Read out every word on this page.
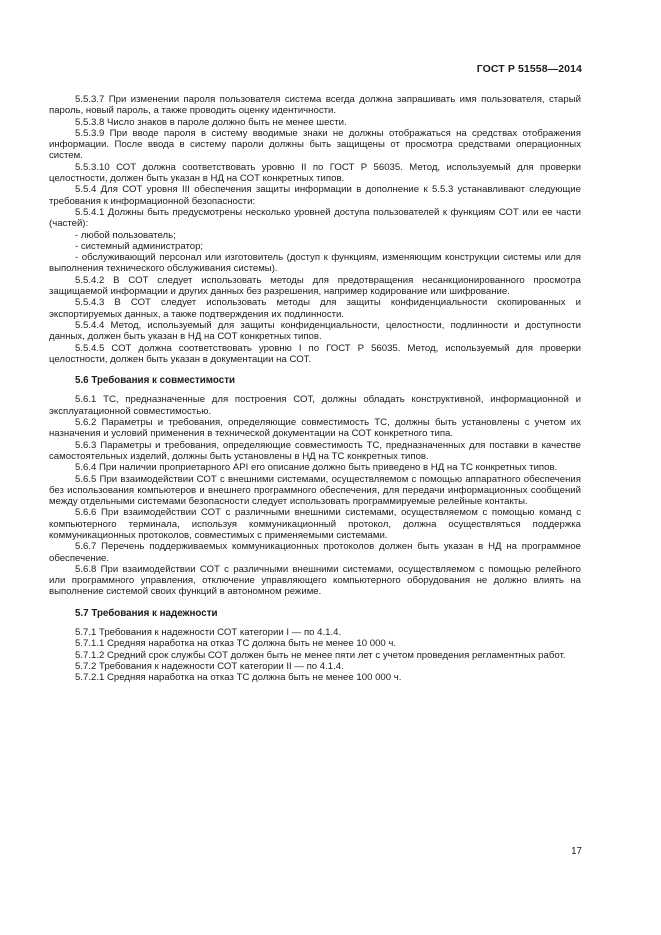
ГОСТ Р 51558—2014

5.5.3.7 При изменении пароля пользователя система всегда должна запрашивать имя пользователя, старый пароль, новый пароль, а также проводить оценку идентичности.

5.5.3.8 Число знаков в пароле должно быть не менее шести.

5.5.3.9 При вводе пароля в систему вводимые знаки не должны отображаться на средствах отображения информации. После ввода в систему пароли должны быть защищены от просмотра средствами операционных систем.

5.5.3.10 СОТ должна соответствовать уровню II по ГОСТ Р 56035. Метод, используемый для проверки целостности, должен быть указан в НД на СОТ конкретных типов.

5.5.4 Для СОТ уровня III обеспечения защиты информации в дополнение к 5.5.3 устанавливают следующие требования к информационной безопасности:

5.5.4.1 Должны быть предусмотрены несколько уровней доступа пользователей к функциям СОТ или ее части (частей):

- любой пользователь;

- системный администратор;

- обслуживающий персонал или изготовитель (доступ к функциям, изменяющим конструкции системы или для выполнения технического обслуживания системы).

5.5.4.2 В СОТ следует использовать методы для предотвращения несанкционированного просмотра защищаемой информации и других данных без разрешения, например кодирование или шифрование.

5.5.4.3 В СОТ следует использовать методы для защиты конфиденциальности скопированных и экспортируемых данных, а также подтверждения их подлинности.

5.5.4.4 Метод, используемый для защиты конфиденциальности, целостности, подлинности и доступности данных, должен быть указан в НД на СОТ конкретных типов.

5.5.4.5 СОТ должна соответствовать уровню I по ГОСТ Р 56035. Метод, используемый для проверки целостности, должен быть указан в документации на СОТ.

5.6 Требования к совместимости

5.6.1 ТС, предназначенные для построения СОТ, должны обладать конструктивной, информационной и эксплуатационной совместимостью.

5.6.2 Параметры и требования, определяющие совместимость ТС, должны быть установлены с учетом их назначения и условий применения в технической документации на СОТ конкретного типа.

5.6.3 Параметры и требования, определяющие совместимость ТС, предназначенных для поставки в качестве самостоятельных изделий, должны быть установлены в НД на ТС конкретных типов.

5.6.4 При наличии проприетарного API его описание должно быть приведено в НД на ТС конкретных типов.

5.6.5 При взаимодействии СОТ с внешними системами, осуществляемом с помощью аппаратного обеспечения без использования компьютеров и внешнего программного обеспечения, для передачи информационных сообщений между отдельными системами безопасности следует использовать программируемые релейные контакты.

5.6.6 При взаимодействии СОТ с различными внешними системами, осуществляемом с помощью команд с компьютерного терминала, используя коммуникационный протокол, должна осуществляться поддержка коммуникационных протоколов, совместимых с применяемыми системами.

5.6.7 Перечень поддерживаемых коммуникационных протоколов должен быть указан в НД на программное обеспечение.

5.6.8 При взаимодействии СОТ с различными внешними системами, осуществляемом с помощью релейного или программного управления, отключение управляющего компьютерного оборудования не должно влиять на выполнение системой своих функций в автономном режиме.

5.7 Требования к надежности

5.7.1 Требования к надежности СОТ категории I — по 4.1.4.

5.7.1.1 Средняя наработка на отказ ТС должна быть не менее 10 000 ч.

5.7.1.2 Средний срок службы СОТ должен быть не менее пяти лет с учетом проведения регламентных работ.

5.7.2 Требования к надежности СОТ категории II — по 4.1.4.

5.7.2.1 Средняя наработка на отказ ТС должна быть не менее 100 000 ч.

17
